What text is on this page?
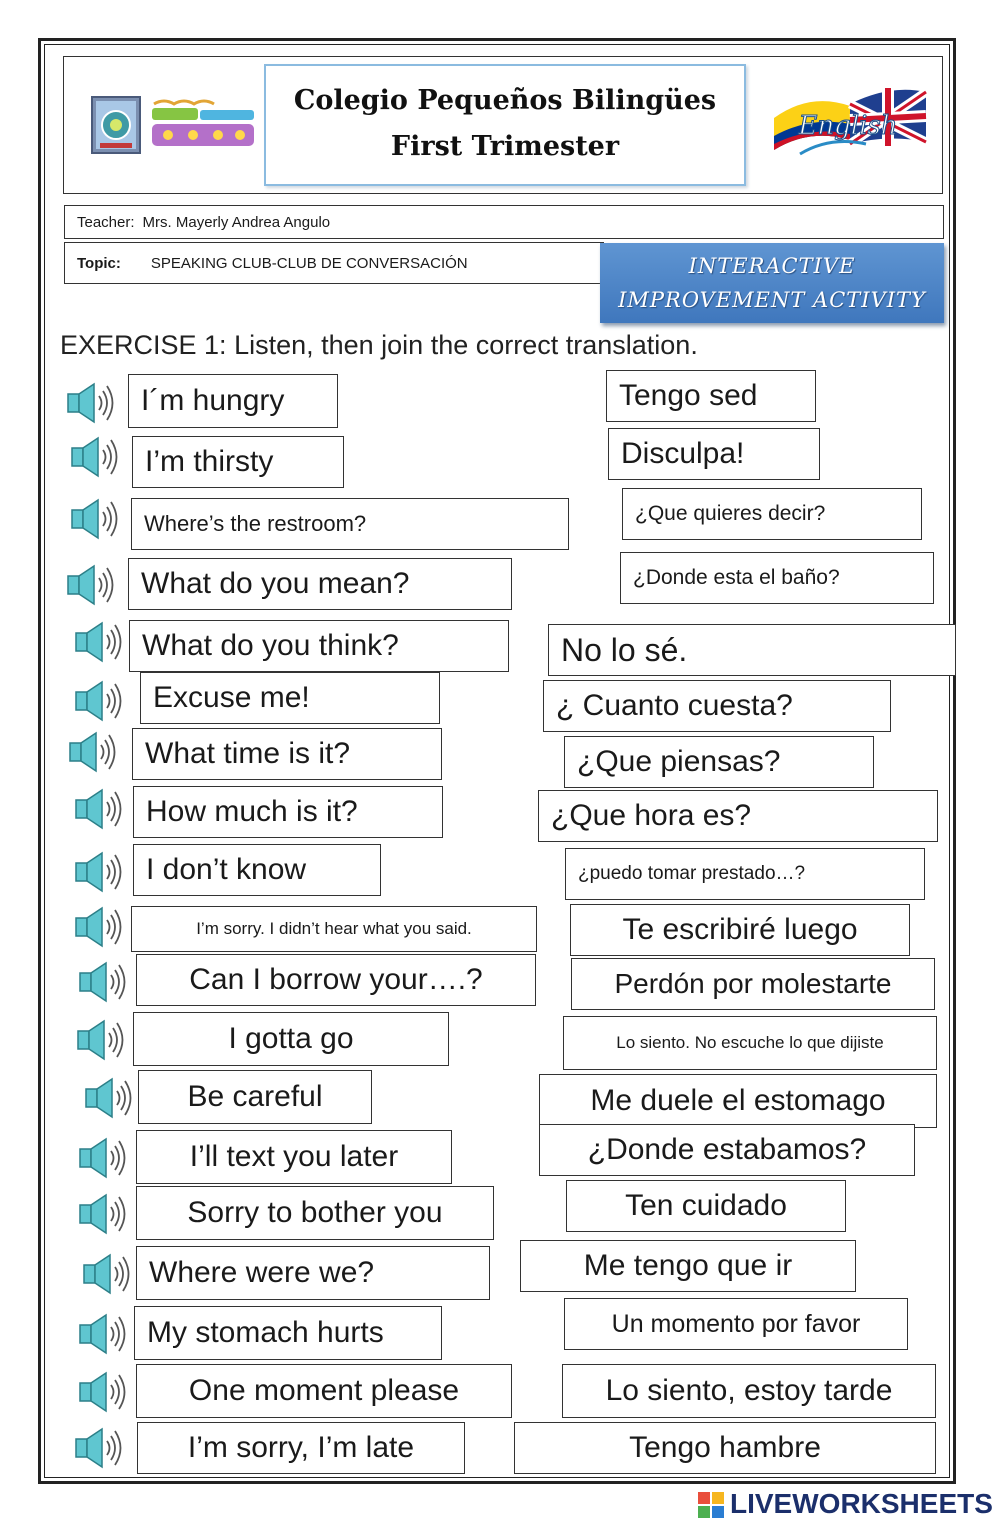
Colegio Pequeños Bilingües
First Trimester
English
Teacher: Mrs. Mayerly Andrea Angulo
Topic: SPEAKING CLUB-CLUB DE CONVERSACIÓN	INTERACTIVE
IMPROVEMENT ACTIVITY
EXERCISE 1: Listen, then join the correct translation.
I´m hungry
I’m thirsty
Where’s the restroom?
What do you mean?
What do you think?
Excuse me!
What time is it?
How much is it?
I don’t know
I’m sorry. I didn’t hear what you said.
Can I borrow your….?
I gotta go
Be careful
I’ll text you later
Sorry to bother you
Where were we?
My stomach hurts
One moment please
I’m sorry, I’m late
Tengo sed
Disculpa!
¿Que quieres decir?
¿Donde esta el baño?
No lo sé.
¿ Cuanto cuesta?
¿Que piensas?
¿Que hora es?
¿puedo tomar prestado…?
Te escribiré luego
Perdón por molestarte
Lo siento. No escuche lo que dijiste
Me duele el estomago
¿Donde estabamos?
Ten cuidado
Me tengo que ir
Un momento por favor
Lo siento, estoy tarde
Tengo hambre
LIVEWORKSHEETS
